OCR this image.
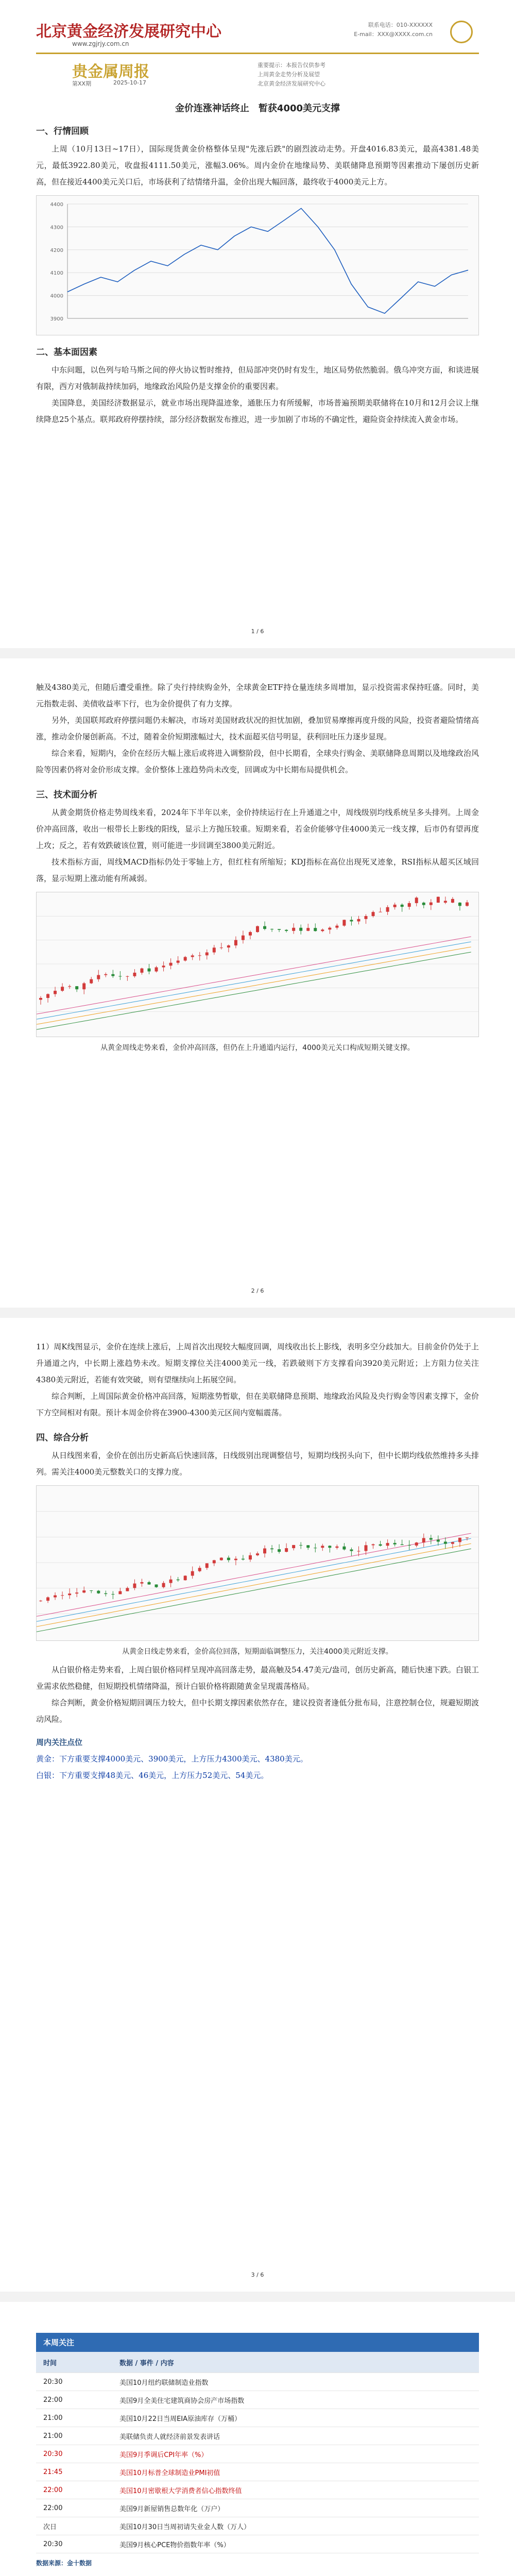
北京黄金经济发展研究中心
www.zgjrjy.com.cn
联系电话：010-XXXXXX
E-mail：XXX@XXXX.com.cn
贵金属周报
第XX期	2025-10-17
重要提示：本报告仅供参考
上周黄金走势分析及展望
北京黄金经济发展研究中心
金价连涨神话终止　暂获4000美元支撑
一、行情回顾

上周（10月13日~17日），国际现货黄金价格整体呈现"先涨后跌"的剧烈波动走势。开盘4016.83美元，最高4381.48美元，最低3922.80美元，收盘报4111.50美元，涨幅3.06%。周内金价在地缘局势、美联储降息预期等因素推动下屡创历史新高，但在接近4400美元关口后，市场获利了结情绪升温，金价出现大幅回落，最终收于4000美元上方。

3900
4000
4100
4200
4300
4400
二、基本面因素

中东问题，以色列与哈马斯之间的停火协议暂时维持，但局部冲突仍时有发生，地区局势依然脆弱。俄乌冲突方面，和谈进展有限，西方对俄制裁持续加码，地缘政治风险仍是支撑金价的重要因素。

美国降息，美国经济数据显示，就业市场出现降温迹象，通胀压力有所缓解，市场普遍预期美联储将在10月和12月会议上继续降息25个基点。联邦政府停摆持续，部分经济数据发布推迟，进一步加剧了市场的不确定性，避险资金持续流入黄金市场。

1 / 6

触及4380美元，但随后遭受重挫。除了央行持续购金外，全球黄金ETF持仓量连续多周增加，显示投资需求保持旺盛。同时，美元指数走弱、美债收益率下行，也为金价提供了有力支撑。

另外，美国联邦政府停摆问题仍未解决，市场对美国财政状况的担忧加剧，叠加贸易摩擦再度升级的风险，投资者避险情绪高涨，推动金价屡创新高。不过，随着金价短期涨幅过大，技术面超买信号明显，获利回吐压力逐步显现。

综合来看，短期内，金价在经历大幅上涨后或将进入调整阶段，但中长期看，全球央行购金、美联储降息周期以及地缘政治风险等因素仍将对金价形成支撑。金价整体上涨趋势尚未改变，回调或为中长期布局提供机会。

三、技术面分析

从黄金期货价格走势周线来看，2024年下半年以来，金价持续运行在上升通道之中，周线级别均线系统呈多头排列。上周金价冲高回落，收出一根带长上影线的阳线，显示上方抛压较重。短期来看，若金价能够守住4000美元一线支撑，后市仍有望再度上攻；反之，若有效跌破该位置，则可能进一步回调至3800美元附近。

技术指标方面，周线MACD指标仍处于零轴上方，但红柱有所缩短；KDJ指标在高位出现死叉迹象，RSI指标从超买区域回落，显示短期上涨动能有所减弱。

从黄金周线走势来看，金价冲高回落，但仍在上升通道内运行，4000美元关口构成短期关键支撑。
2 / 6

11）周K线图显示，金价在连续上涨后，上周首次出现较大幅度回调，周线收出长上影线，表明多空分歧加大。目前金价仍处于上升通道之内，中长期上涨趋势未改。短期支撑位关注4000美元一线，若跌破则下方支撑看向3920美元附近；上方阻力位关注4380美元附近，若能有效突破，则有望继续向上拓展空间。

综合判断，上周国际黄金价格冲高回落，短期涨势暂歇，但在美联储降息预期、地缘政治风险及央行购金等因素支撑下，金价下方空间相对有限。预计本周金价将在3900-4300美元区间内宽幅震荡。

四、综合分析

从日线图来看，金价在创出历史新高后快速回落，日线级别出现调整信号，短期均线拐头向下，但中长期均线依然维持多头排列。需关注4000美元整数关口的支撑力度。

从黄金日线走势来看，金价高位回落，短期面临调整压力，关注4000美元附近支撑。

从白银价格走势来看，上周白银价格同样呈现冲高回落走势，最高触及54.47美元/盎司，创历史新高，随后快速下跌。白银工业需求依然稳健，但短期投机情绪降温，预计白银价格将跟随黄金呈现震荡格局。

综合判断，黄金价格短期回调压力较大，但中长期支撑因素依然存在，建议投资者逢低分批布局，注意控制仓位，规避短期波动风险。

周内关注点位

黄金：下方重要支撑4000美元、3900美元，上方压力4300美元、4380美元。

白银：下方重要支撑48美元、46美元，上方压力52美元、54美元。

3 / 6
本周关注
时间	数据 / 事件 / 内容
20:30	美国10月纽约联储制造业指数
22:00	美国9月全美住宅建筑商协会房产市场指数
21:00	美国10月22日当周EIA原油库存（万桶）
21:00	美联储负责人就经济前景发表讲话
20:30	美国9月季调后CPI年率（%）
21:45	美国10月标普全球制造业PMI初值
22:00	美国10月密歇根大学消费者信心指数终值
22:00	美国9月新屋销售总数年化（万户）
次日	美国10月30日当周初请失业金人数（万人）
20:30	美国9月核心PCE物价指数年率（%）
数据来源：金十数据
